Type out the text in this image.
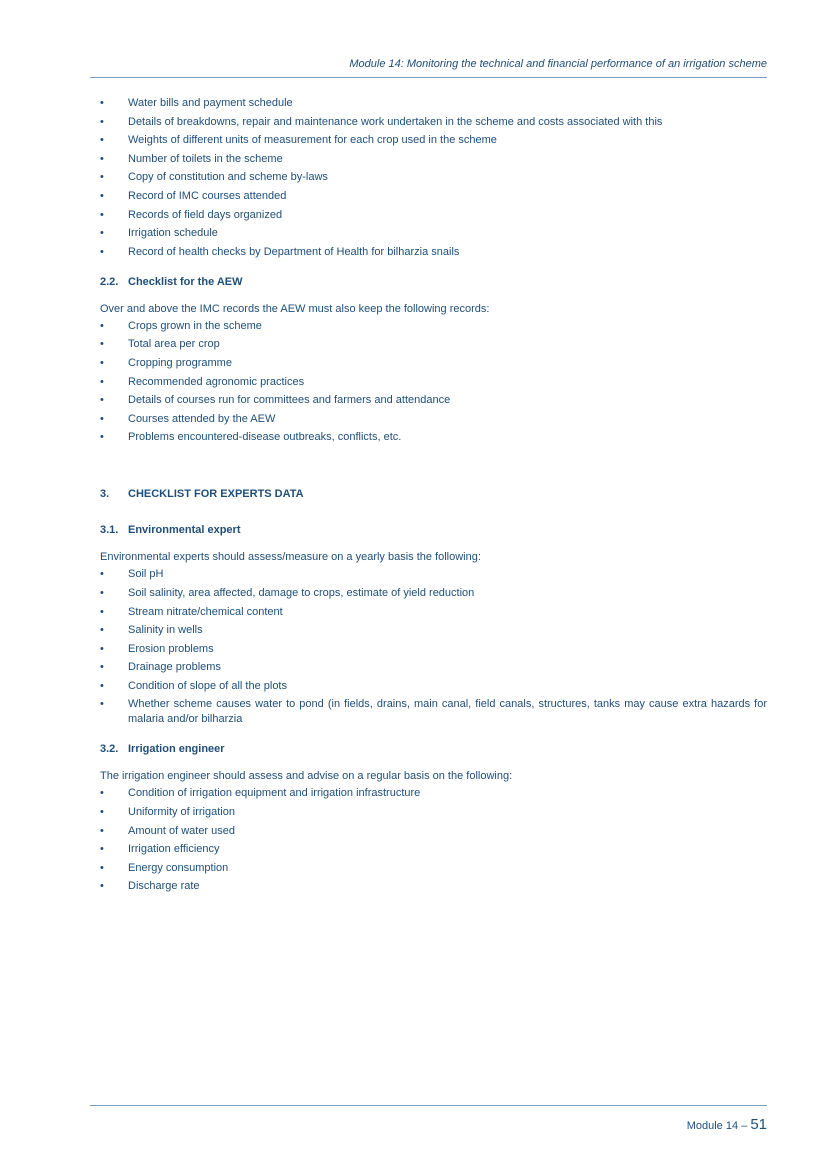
Module 14: Monitoring the technical and financial performance of an irrigation scheme
• Water bills and payment schedule
• Details of breakdowns, repair and maintenance work undertaken in the scheme and costs associated with this
• Weights of different units of measurement for each crop used in the scheme
• Number of toilets in the scheme
• Copy of constitution and scheme by-laws
• Record of IMC courses attended
• Records of field days organized
• Irrigation schedule
• Record of health checks by Department of Health for bilharzia snails
2.2. Checklist for the AEW

Over and above the IMC records the AEW must also keep the following records:

• Crops grown in the scheme
• Total area per crop
• Cropping programme
• Recommended agronomic practices
• Details of courses run for committees and farmers and attendance
• Courses attended by the AEW
• Problems encountered-disease outbreaks, conflicts, etc.
3.	CHECKLIST FOR EXPERTS DATA
3.1. Environmental expert

Environmental experts should assess/measure on a yearly basis the following:

• Soil pH
• Soil salinity, area affected, damage to crops, estimate of yield reduction
• Stream nitrate/chemical content
• Salinity in wells
• Erosion problems
• Drainage problems
• Condition of slope of all the plots
• Whether scheme causes water to pond (in fields, drains, main canal, field canals, structures, tanks may cause extra hazards for malaria and/or bilharzia
3.2. Irrigation engineer

The irrigation engineer should assess and advise on a regular basis on the following:

• Condition of irrigation equipment and irrigation infrastructure
• Uniformity of irrigation
• Amount of water used
• Irrigation efficiency
• Energy consumption
• Discharge rate
Module 14 – 51
